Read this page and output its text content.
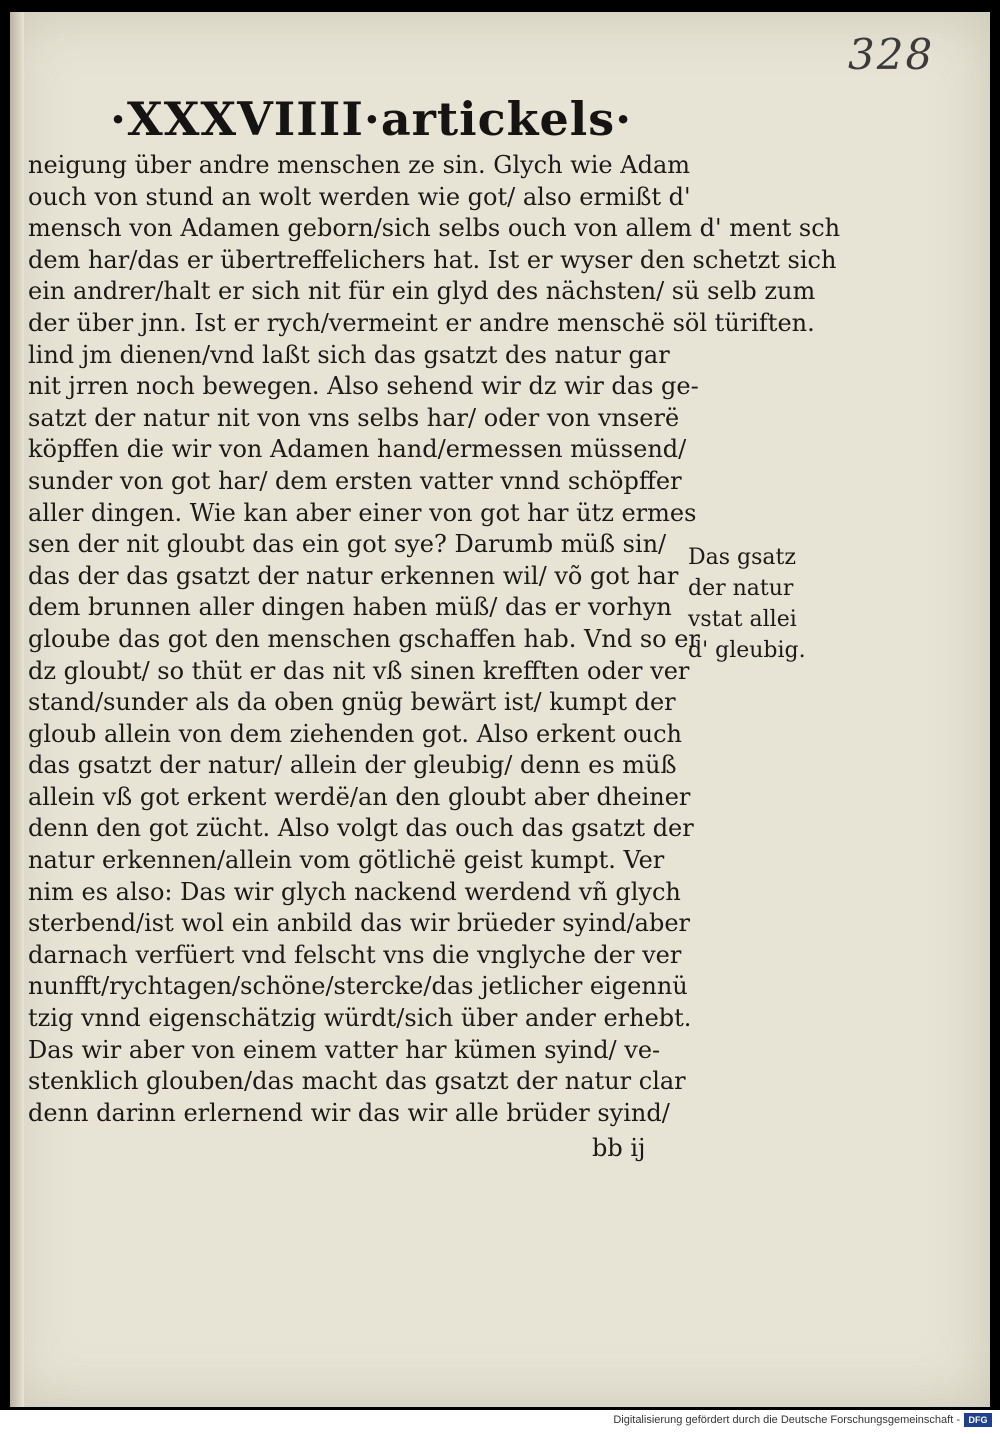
328
·XXXVIIII·artickels·
neigung über andre menschen ze sin. Glych wie Adam
ouch von stund an wolt werden wie got/ also ermißt d'
mensch von Adamen geborn/sich selbs ouch von allem d' ment sch
dem har/das er übertreffelichers hat. Ist er wyser den schetzt sich
ein andrer/halt er sich nit für ein glyd des nächsten/ sü selb zum
der über jnn. Ist er rych/vermeint er andre menschë söl türiften.
lind jm dienen/vnd laßt sich das gsatzt des natur gar
nit jrren noch bewegen. Also sehend wir dz wir das ge-
satzt der natur nit von vns selbs har/ oder von vnserë
köpffen die wir von Adamen hand/ermessen müssend/
sunder von got har/ dem ersten vatter vnnd schöpffer
aller dingen. Wie kan aber einer von got har ütz ermes
sen der nit gloubt das ein got sye? Darumb müß sin/
das der das gsatzt der natur erkennen wil/ võ got har
dem brunnen aller dingen haben müß/ das er vorhyn
gloube das got den menschen gschaffen hab. Vnd so er
dz gloubt/ so thüt er das nit vß sinen krefften oder ver
stand/sunder als da oben gnüg bewärt ist/ kumpt der
gloub allein von dem ziehenden got. Also erkent ouch
das gsatzt der natur/ allein der gleubig/ denn es müß
allein vß got erkent werdë/an den gloubt aber dheiner
denn den got zücht. Also volgt das ouch das gsatzt der
natur erkennen/allein vom götlichë geist kumpt. Ver
nim es also: Das wir glych nackend werdend vñ glych
sterbend/ist wol ein anbild das wir brüeder syind/aber
darnach verfüert vnd felscht vns die vnglyche der ver
nunfft/rychtagen/schöne/stercke/das jetlicher eigennü
tzig vnnd eigenschätzig würdt/sich über ander erhebt.
Das wir aber von einem vatter har kümen syind/ ve-
stenklich glouben/das macht das gsatzt der natur clar
denn darinn erlernend wir das wir alle brüder syind/
Das gsatz
der natur
vstat allei
d' gleubig.
bb ij
Digitalisierung gefördert durch die Deutsche Forschungsgemeinschaft - DFG
